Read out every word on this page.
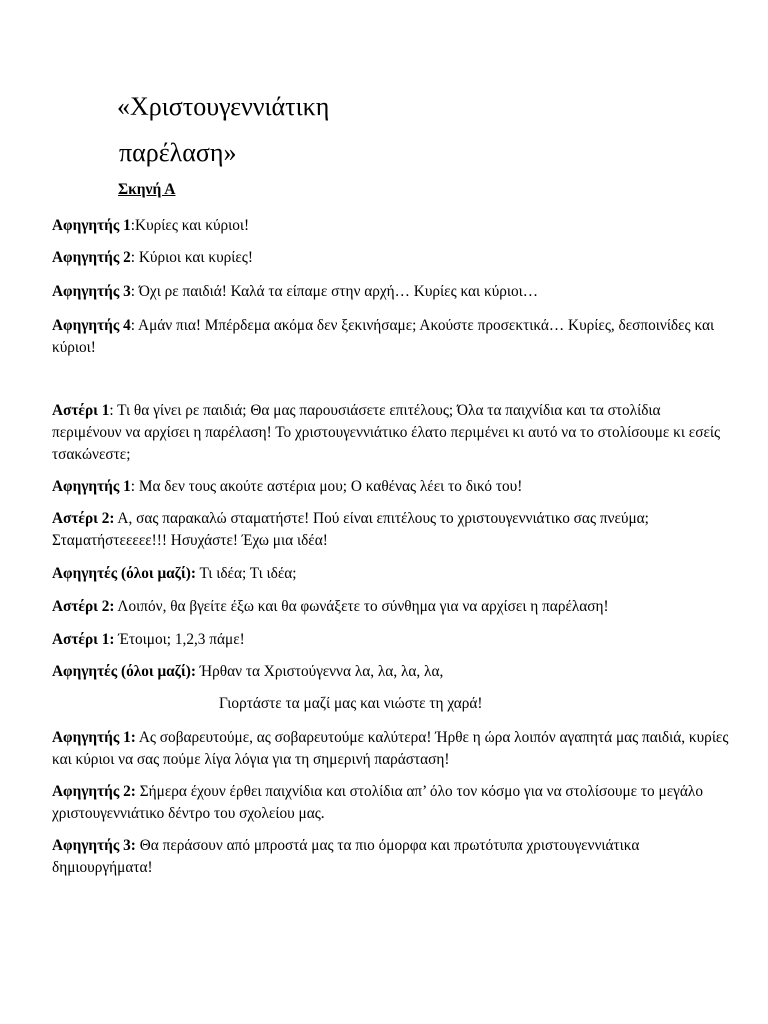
«Χριστουγεννιάτικη
παρέλαση»
Σκηνή Α

Αφηγητής 1:Κυρίες και κύριοι!

Αφηγητής 2: Κύριοι και κυρίες!

Αφηγητής 3: Όχι ρε παιδιά! Καλά τα είπαμε στην αρχή… Κυρίες και κύριοι…

Αφηγητής 4: Αμάν πια! Μπέρδεμα ακόμα δεν ξεκινήσαμε; Ακούστε προσεκτικά… Κυρίες, δεσποινίδες και κύριοι!

Αστέρι 1: Τι θα γίνει ρε παιδιά; Θα μας παρουσιάσετε επιτέλους; Όλα τα παιχνίδια και τα στολίδια περιμένουν να αρχίσει η παρέλαση! Το χριστουγεννιάτικο έλατο περιμένει κι αυτό να το στολίσουμε κι εσείς τσακώνεστε;

Αφηγητής 1: Μα δεν τους ακούτε αστέρια μου; Ο καθένας λέει το δικό του!

Αστέρι 2: Α, σας παρακαλώ σταματήστε! Πού είναι επιτέλους το χριστουγεννιάτικο σας πνεύμα; Σταματήστεεεεε!!! Ησυχάστε! Έχω μια ιδέα!

Αφηγητές (όλοι μαζί): Τι ιδέα; Τι ιδέα;

Αστέρι 2: Λοιπόν, θα βγείτε έξω και θα φωνάξετε το σύνθημα για να αρχίσει η παρέλαση!

Αστέρι 1: Έτοιμοι; 1,2,3 πάμε!

Αφηγητές (όλοι μαζί): Ήρθαν τα Χριστούγεννα λα, λα, λα, λα,

Γιορτάστε τα μαζί μας και νιώστε τη χαρά!

Αφηγητής 1: Ας σοβαρευτούμε, ας σοβαρευτούμε καλύτερα! Ήρθε η ώρα λοιπόν αγαπητά μας παιδιά, κυρίες και κύριοι να σας πούμε λίγα λόγια για τη σημερινή παράσταση!

Αφηγητής 2: Σήμερα έχουν έρθει παιχνίδια και στολίδια απ’ όλο τον κόσμο για να στολίσουμε το μεγάλο χριστουγεννιάτικο δέντρο του σχολείου μας.

Αφηγητής 3: Θα περάσουν από μπροστά μας τα πιο όμορφα και πρωτότυπα χριστουγεννιάτικα δημιουργήματα!
